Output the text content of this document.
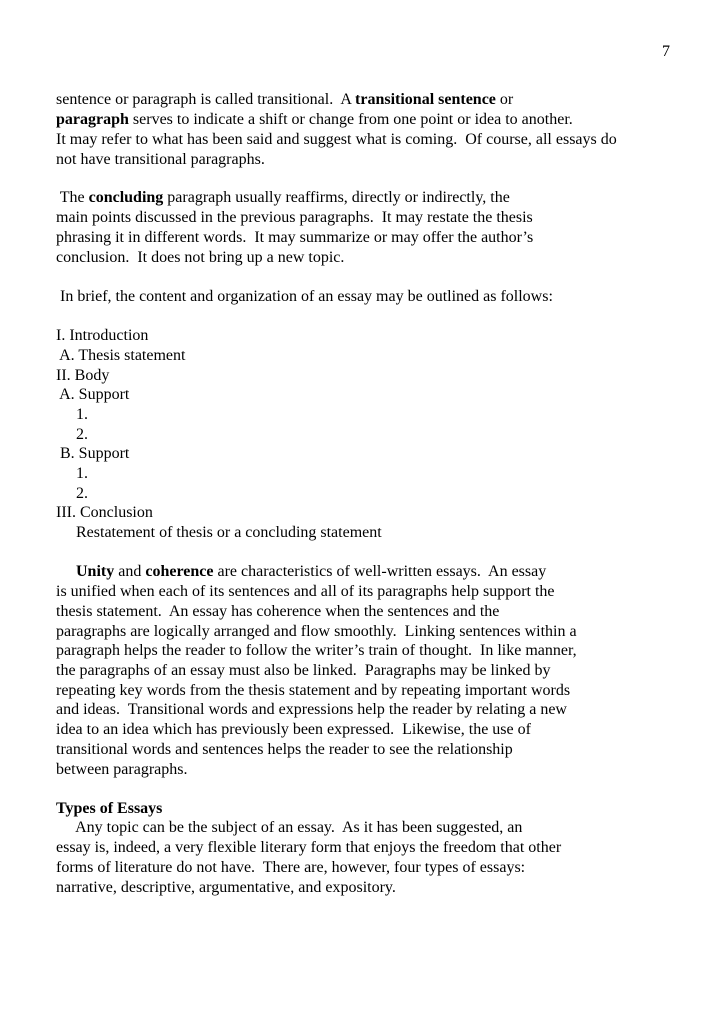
7
sentence or paragraph is called transitional.  A transitional sentence or
paragraph serves to indicate a shift or change from one point or idea to another.
It may refer to what has been said and suggest what is coming.  Of course, all essays do
not have transitional paragraphs.
The concluding paragraph usually reaffirms, directly or indirectly, the
main points discussed in the previous paragraphs.  It may restate the thesis
phrasing it in different words.  It may summarize or may offer the author’s
conclusion.  It does not bring up a new topic.
In brief, the content and organization of an essay may be outlined as follows:
I. Introduction
A. Thesis statement
II. Body
A. Support
1.
2.
B. Support
1.
2.
III. Conclusion
Restatement of thesis or a concluding statement
Unity and coherence are characteristics of well-written essays.  An essay
is unified when each of its sentences and all of its paragraphs help support the
thesis statement.  An essay has coherence when the sentences and the
paragraphs are logically arranged and flow smoothly.  Linking sentences within a
paragraph helps the reader to follow the writer’s train of thought.  In like manner,
the paragraphs of an essay must also be linked.  Paragraphs may be linked by
repeating key words from the thesis statement and by repeating important words
and ideas.  Transitional words and expressions help the reader by relating a new
idea to an idea which has previously been expressed.  Likewise, the use of
transitional words and sentences helps the reader to see the relationship
between paragraphs.
Types of Essays
Any topic can be the subject of an essay.  As it has been suggested, an
essay is, indeed, a very flexible literary form that enjoys the freedom that other
forms of literature do not have.  There are, however, four types of essays:
narrative, descriptive, argumentative, and expository.
